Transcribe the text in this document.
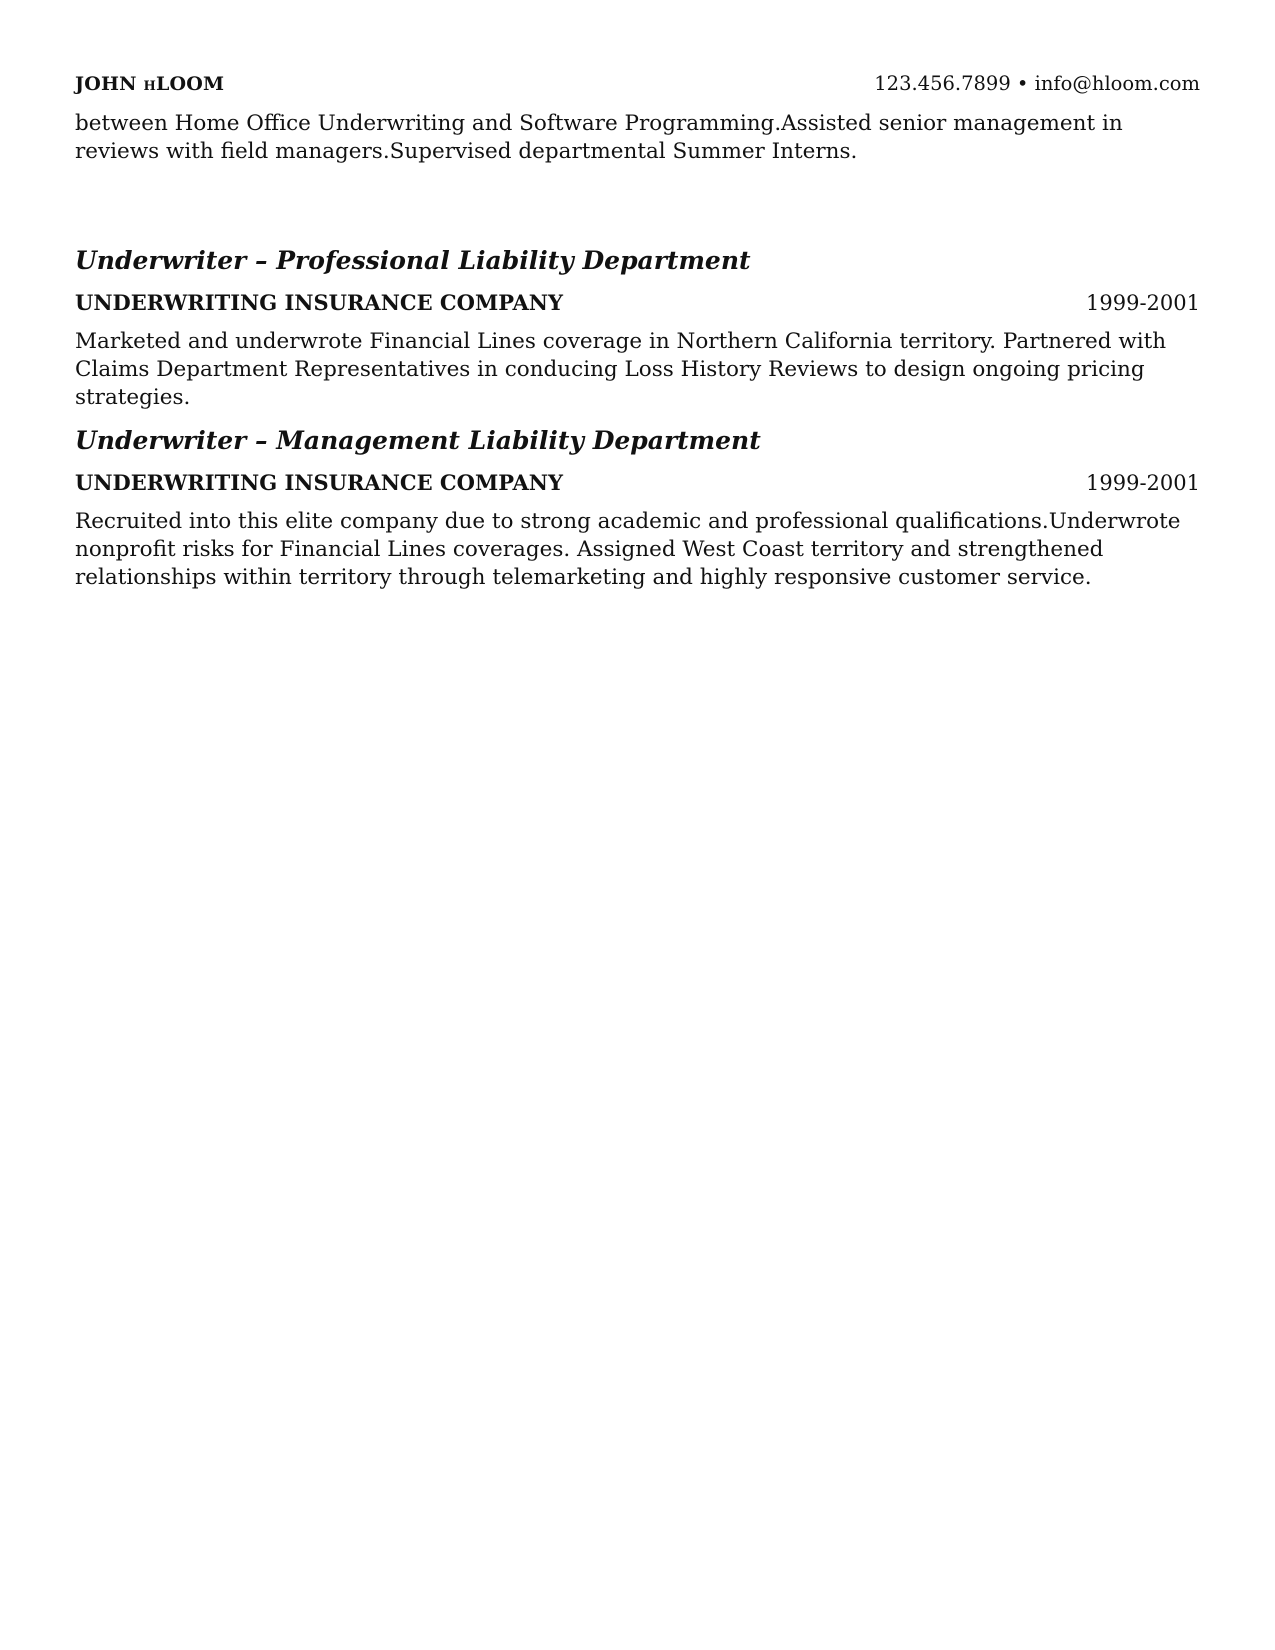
JOHN HLOOM	123.456.7899 • info@hloom.com

between Home Office Underwriting and Software Programming.Assisted senior management in reviews with field managers.Supervised departmental Summer Interns.

Underwriter – Professional Liability Department
UNDERWRITING INSURANCE COMPANY	1999-2001

Marketed and underwrote Financial Lines coverage in Northern California territory. Partnered with Claims Department Representatives in conducing Loss History Reviews to design ongoing pricing strategies.

Underwriter – Management Liability Department
UNDERWRITING INSURANCE COMPANY	1999-2001

Recruited into this elite company due to strong academic and professional qualifications.Underwrote nonprofit risks for Financial Lines coverages. Assigned West Coast territory and strengthened relationships within territory through telemarketing and highly responsive customer service.
